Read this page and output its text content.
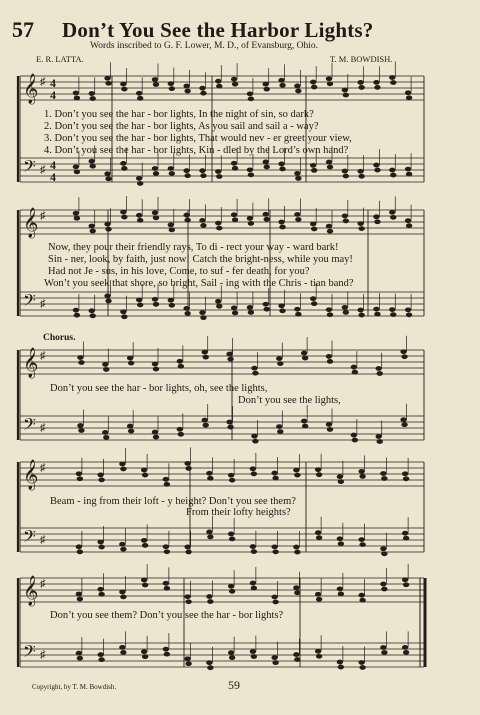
57 Don’t You See the Harbor Lights?
Words inscribed to G. F. Lower, M. D., of Evansburg, Ohio.
E. R. LATTA.	T. M. BOWDISH.
𝄞
𝄢
♯
♯
4
4
4
4
𝄞
𝄢
♯
♯
𝄞
𝄢
♯
♯
𝄞
𝄢
♯
♯
𝄞
𝄢
♯
♯
1. Don’t you see the har - bor lights, In the night of sin, so dark?
2. Don’t you see the har - bor lights, As you sail and sail a - way?
3. Don’t you see the har - bor lights, That would nev - er greet your view,
4. Don’t you see the har - bor lights, Kin - dled by the Lord’s own hand?
Now, they pour their friendly rays, To di - rect your way - ward bark!
Sin - ner, look, by faith, just now! Catch the bright-ness, while you may!
Had not Je - sus, in his love, Come, to suf - fer death, for you?
Won’t you seek that shore, so bright, Sail - ing with the Chris - tian band?
Chorus.
Don’t you see the har - bor lights, oh, see the lights,
Don’t you see the lights,
Beam - ing from their loft - y height? Don’t you see them?
From their lofty heights?
Don’t you see them? Don’t you see the har - bor lights?
Copyright, by T. M. Bowdish.	59
